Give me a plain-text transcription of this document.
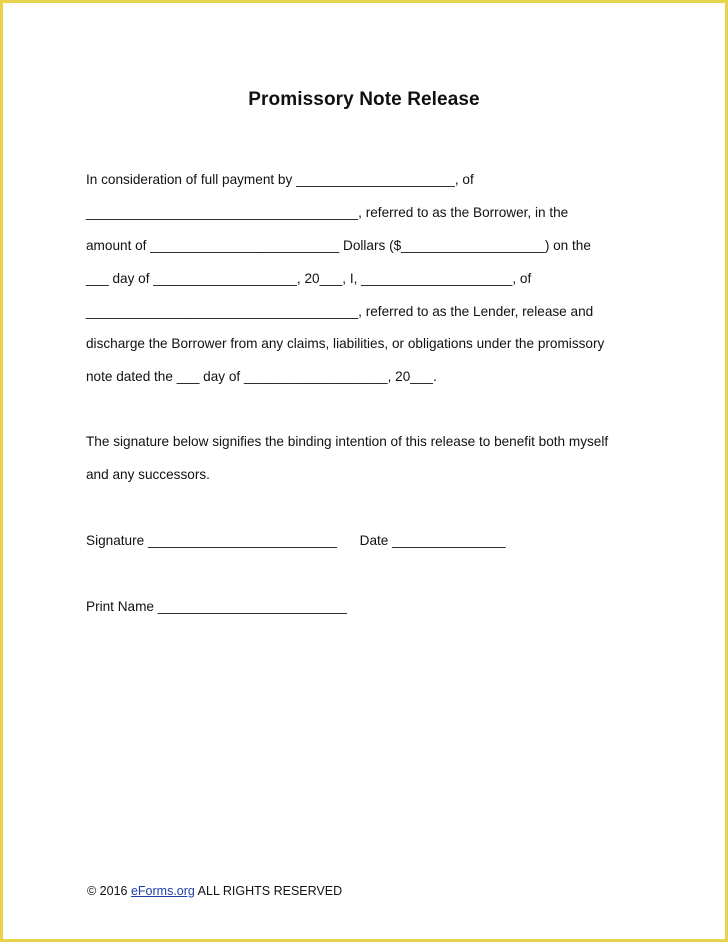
Promissory Note Release
In consideration of full payment by _____________________, of
____________________________________, referred to as the Borrower, in the
amount of _________________________ Dollars ($___________________) on the
___ day of ___________________, 20___, I, ____________________, of
____________________________________, referred to as the Lender, release and
discharge the Borrower from any claims, liabilities, or obligations under the promissory
note dated the ___ day of ___________________, 20___.
The signature below signifies the binding intention of this release to benefit both myself
and any successors.
Signature _________________________      Date _______________
Print Name _________________________
© 2016 eForms.org ALL RIGHTS RESERVED
